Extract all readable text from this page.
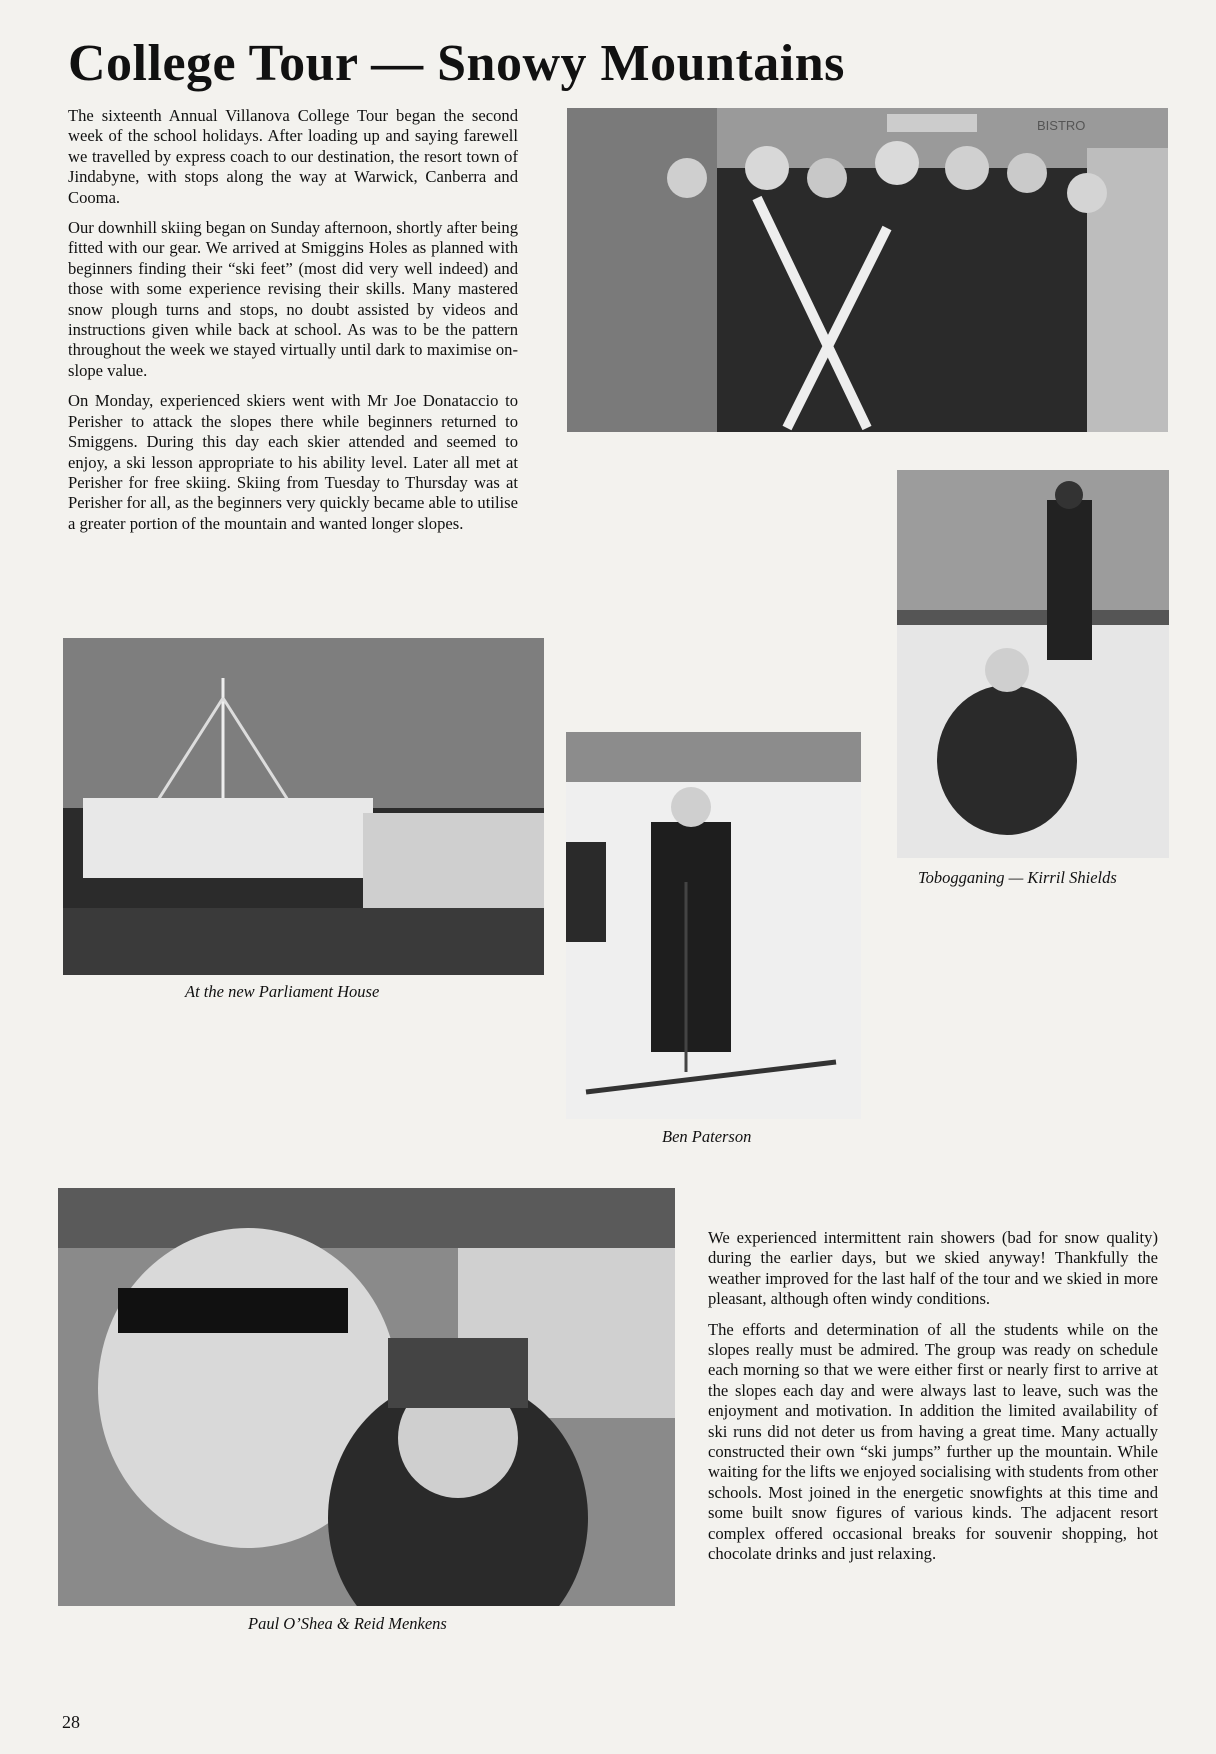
College Tour — Snowy Mountains

The sixteenth Annual Villanova College Tour began the second week of the school holidays. After loading up and saying farewell we travelled by express coach to our destination, the resort town of Jindabyne, with stops along the way at Warwick, Canberra and Cooma.

Our downhill skiing began on Sunday afternoon, shortly after being fitted with our gear. We arrived at Smiggins Holes as planned with beginners finding their “ski feet” (most did very well indeed) and those with some experience revising their skills. Many mastered snow plough turns and stops, no doubt assisted by videos and instructions given while back at school. As was to be the pattern throughout the week we stayed virtually until dark to maximise on-slope value.

On Monday, experienced skiers went with Mr Joe Donataccio to Perisher to attack the slopes there while beginners returned to Smiggens. During this day each skier attended and seemed to enjoy, a ski lesson appropriate to his ability level. Later all met at Perisher for free skiing. Skiing from Tuesday to Thursday was at Perisher for all, as the beginners very quickly became able to utilise a greater portion of the mountain and wanted longer slopes.

BISTRO
Tobogganing — Kirril Shields
At the new Parliament House
Ben Paterson
Paul O’Shea & Reid Menkens

We experienced intermittent rain showers (bad for snow quality) during the earlier days, but we skied anyway! Thankfully the weather improved for the last half of the tour and we skied in more pleasant, although often windy conditions.

The efforts and determination of all the students while on the slopes really must be admired. The group was ready on schedule each morning so that we were either first or nearly first to arrive at the slopes each day and were always last to leave, such was the enjoyment and motivation. In addition the limited availability of ski runs did not deter us from having a great time. Many actually constructed their own “ski jumps” further up the mountain. While waiting for the lifts we enjoyed socialising with students from other schools. Most joined in the energetic snowfights at this time and some built snow figures of various kinds. The adjacent resort complex offered occasional breaks for souvenir shopping, hot chocolate drinks and just relaxing.

28
